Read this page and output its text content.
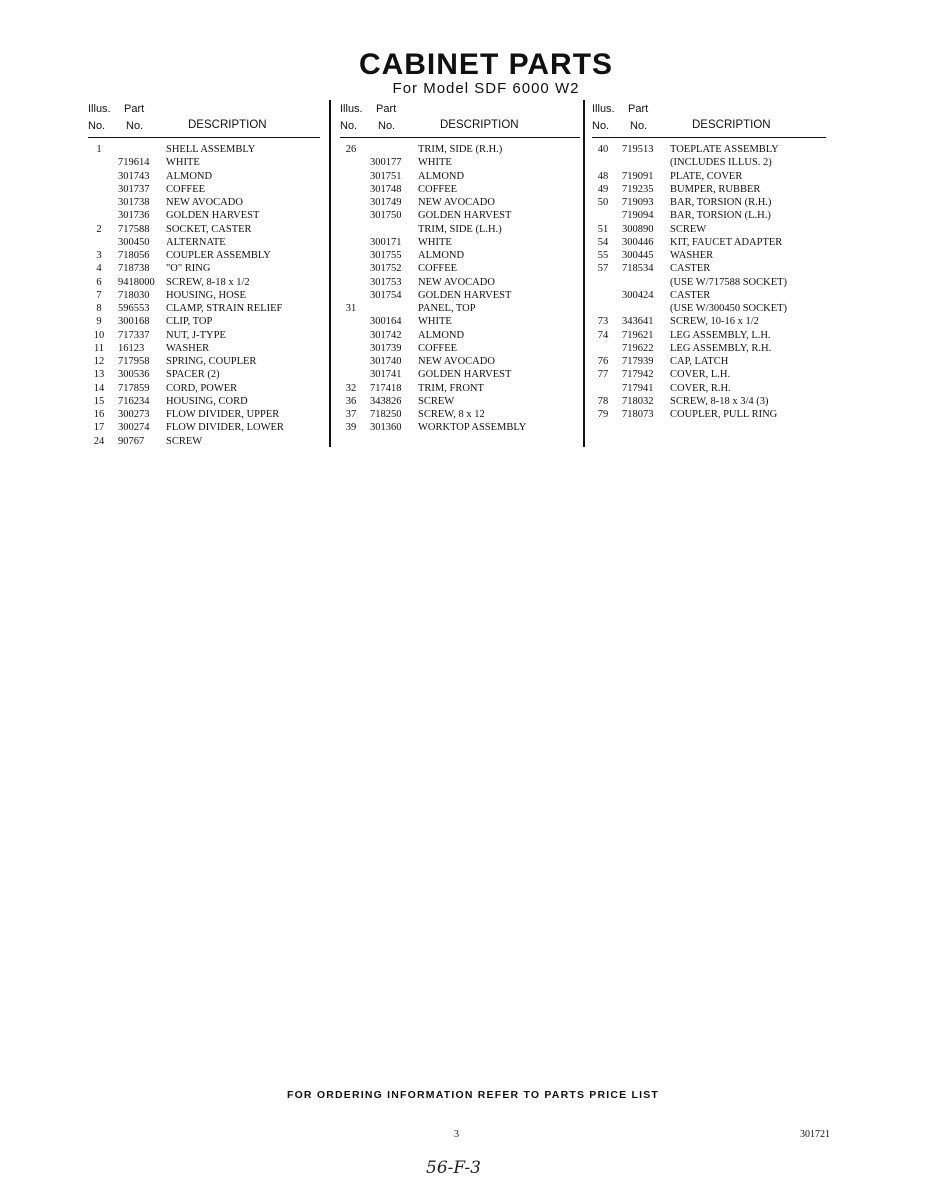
CABINET PARTS
For Model SDF 6000 W2
Illus. Part
No. No.	DESCRIPTION
1	SHELL ASSEMBLY
719614 WHITE
301743 ALMOND
301737 COFFEE
301738 NEW AVOCADO
301736 GOLDEN HARVEST
2	717588 SOCKET, CASTER
300450 ALTERNATE
3	718056 COUPLER ASSEMBLY
4	718738 "O" RING
6	9418000 SCREW, 8-18 x 1/2
7	718030 HOUSING, HOSE
8	596553 CLAMP, STRAIN RELIEF
9	300168 CLIP, TOP
10	717337 NUT, J-TYPE
11	16123 WASHER
12	717958 SPRING, COUPLER
13	300536 SPACER (2)
14	717859 CORD, POWER
15	716234 HOUSING, CORD
16	300273 FLOW DIVIDER, UPPER
17	300274 FLOW DIVIDER, LOWER
24	90767 SCREW
Illus. Part
No. No.	DESCRIPTION
26	TRIM, SIDE (R.H.)
300177 WHITE
301751 ALMOND
301748 COFFEE
301749 NEW AVOCADO
301750 GOLDEN HARVEST
TRIM, SIDE (L.H.)
300171 WHITE
301755 ALMOND
301752 COFFEE
301753 NEW AVOCADO
301754 GOLDEN HARVEST
31	PANEL, TOP
300164 WHITE
301742 ALMOND
301739 COFFEE
301740 NEW AVOCADO
301741 GOLDEN HARVEST
32	717418 TRIM, FRONT
36	343826 SCREW
37	718250 SCREW, 8 x 12
39	301360 WORKTOP ASSEMBLY
Illus. Part
No. No.	DESCRIPTION
40	719513 TOEPLATE ASSEMBLY
(INCLUDES ILLUS. 2)
48	719091 PLATE, COVER
49	719235 BUMPER, RUBBER
50	719093 BAR, TORSION (R.H.)
719094 BAR, TORSION (L.H.)
51	300890 SCREW
54	300446 KIT, FAUCET ADAPTER
55	300445 WASHER
57	718534 CASTER
(USE W/717588 SOCKET)
300424 CASTER
(USE W/300450 SOCKET)
73	343641 SCREW, 10-16 x 1/2
74	719621 LEG ASSEMBLY, L.H.
719622 LEG ASSEMBLY, R.H.
76	717939 CAP, LATCH
77	717942 COVER, L.H.
717941 COVER, R.H.
78	718032 SCREW, 8-18 x 3/4 (3)
79	718073 COUPLER, PULL RING
FOR ORDERING INFORMATION REFER TO PARTS PRICE LIST
3	301721
56-F-3
